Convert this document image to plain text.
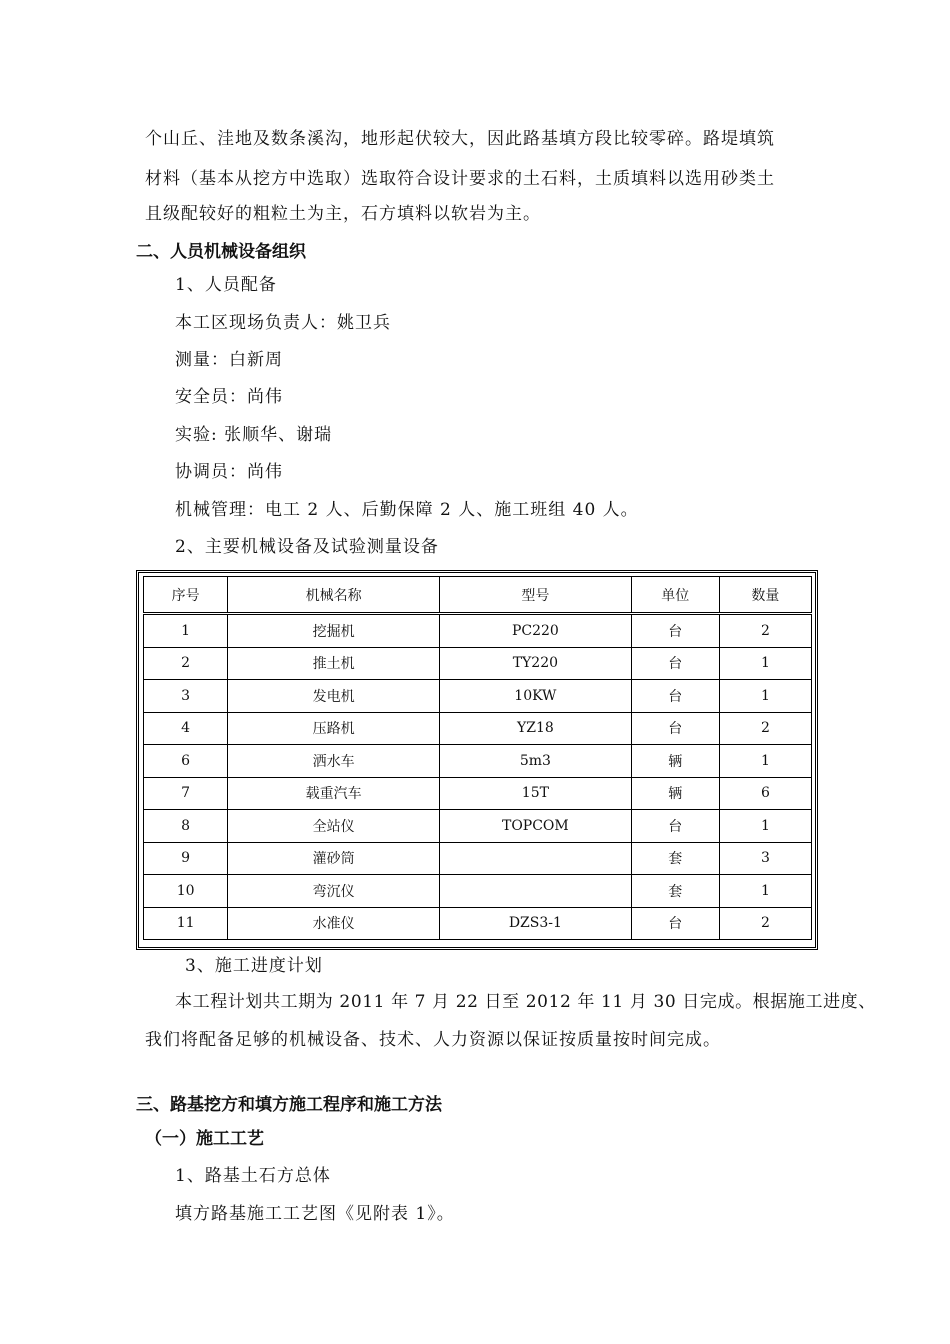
个山丘、洼地及数条溪沟，地形起伏较大，因此路基填方段比较零碎。路堤填筑
材料（基本从挖方中选取）选取符合设计要求的土石料，土质填料以选用砂类土
且级配较好的粗粒土为主，石方填料以软岩为主。
二、人员机械设备组织
1、人员配备
本工区现场负责人：姚卫兵
测量：白新周
安全员：尚伟
实验: 张顺华、谢瑞
协调员：尚伟
机械管理：电工 2 人、后勤保障 2 人、施工班组 40 人。
2、主要机械设备及试验测量设备
序号	机械名称	型号	单位	数量
1	挖掘机	PC220	台	2
2	推土机	TY220	台	1
3	发电机	10KW	台	1
4	压路机	YZ18	台	2
6	洒水车	5m3	辆	1
7	载重汽车	15T	辆	6
8	全站仪	TOPCOM	台	1
9	灌砂筒		套	3
10	弯沉仪		套	1
11	水准仪	DZS3-1	台	2
3、施工进度计划
本工程计划共工期为 2011 年 7 月 22 日至 2012 年 11 月 30 日完成。根据施工进度、
我们将配备足够的机械设备、技术、人力资源以保证按质量按时间完成。
三、路基挖方和填方施工程序和施工方法
（一）施工工艺
1、路基土石方总体
填方路基施工工艺图《见附表 1》。
